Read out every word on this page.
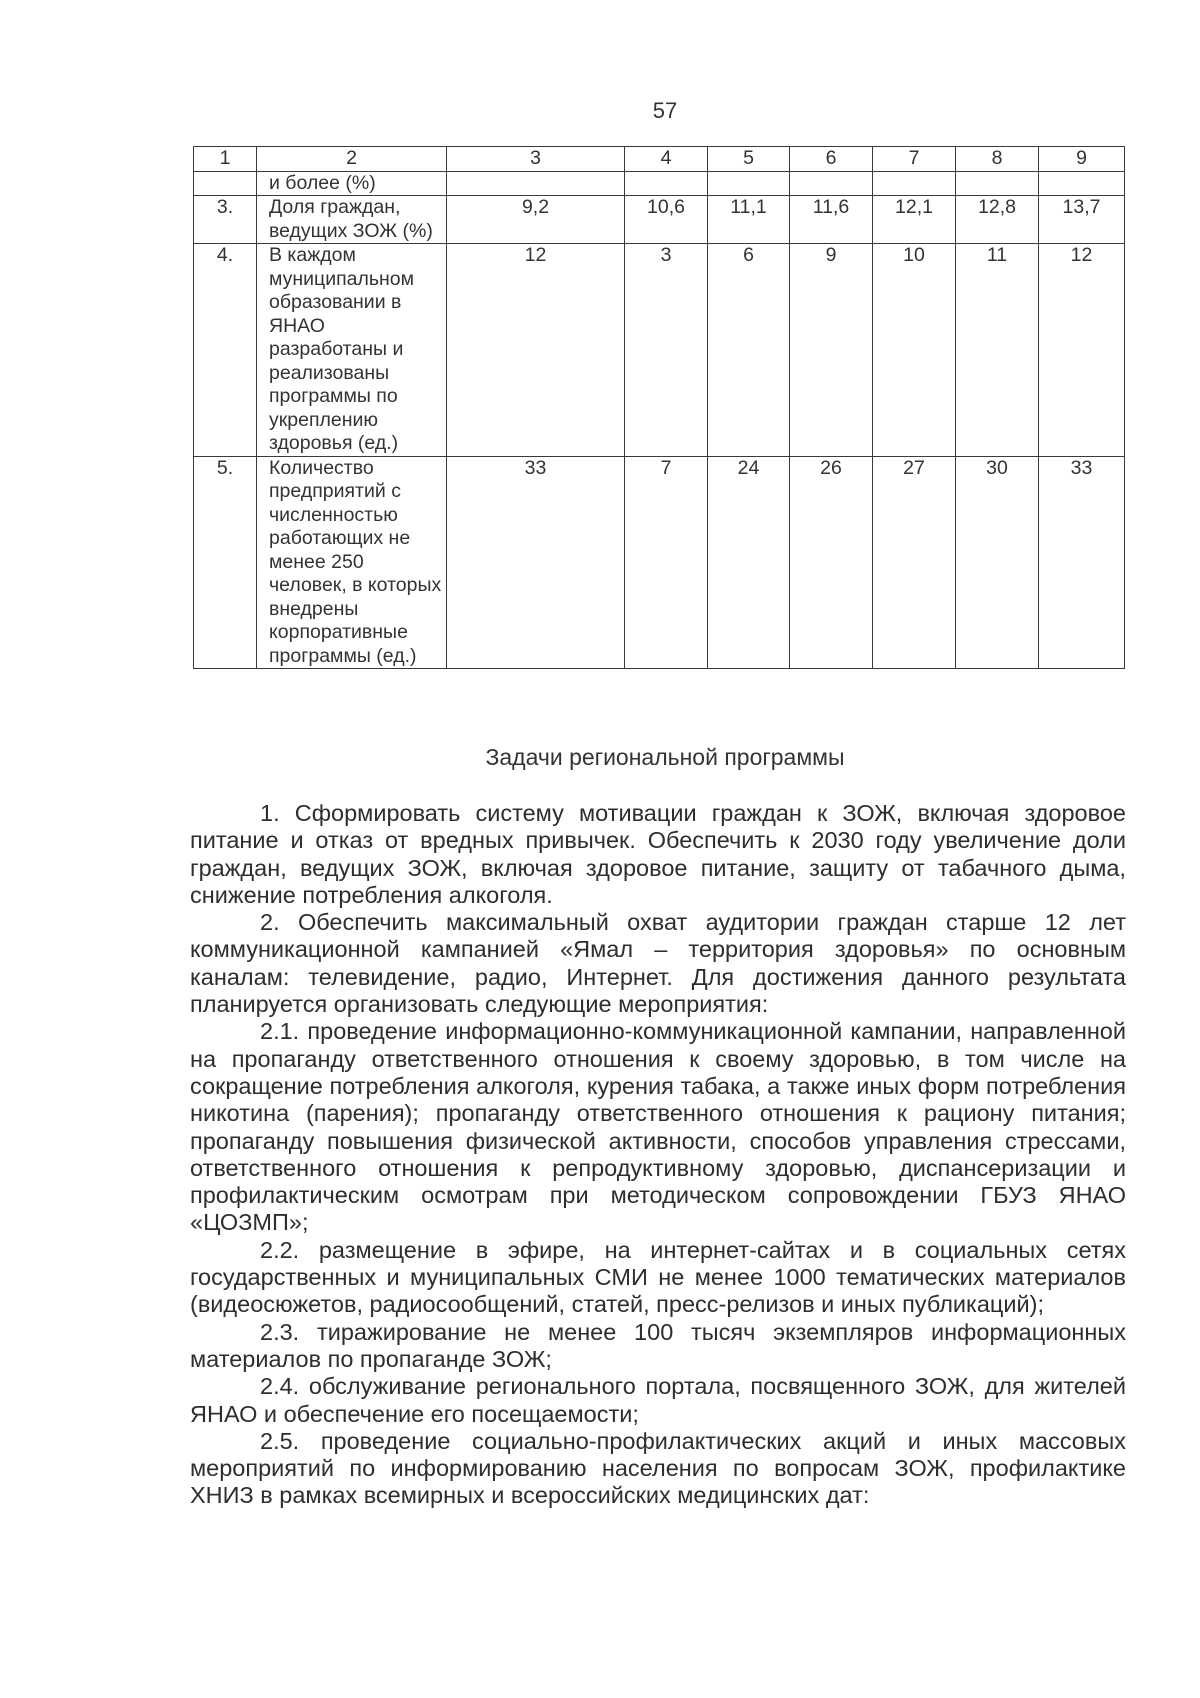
57
1	2	3	4	5	6	7	8	9
	и более (%)							
3.	Доля граждан, ведущих ЗОЖ (%)	9,2	10,6	11,1	11,6	12,1	12,8	13,7
4.	В каждом муниципальном образовании в ЯНАО разработаны и реализованы программы по укреплению здоровья (ед.)	12	3	6	9	10	11	12
5.	Количество предприятий с численностью работающих не менее 250 человек, в которых внедрены корпоративные программы (ед.)	33	7	24	26	27	30	33
Задачи региональной программы

1. Сформировать систему мотивации граждан к ЗОЖ, включая здоровое питание и отказ от вредных привычек. Обеспечить к 2030 году увеличение доли граждан, ведущих ЗОЖ, включая здоровое питание, защиту от табачного дыма, снижение потребления алкоголя.

2. Обеспечить максимальный охват аудитории граждан старше 12 лет коммуникационной кампанией «Ямал – территория здоровья» по основным каналам: телевидение, радио, Интернет. Для достижения данного результата планируется организовать следующие мероприятия:

2.1. проведение информационно-коммуникационной кампании, направленной на пропаганду ответственного отношения к своему здоровью, в том числе на сокращение потребления алкоголя, курения табака, а также иных форм потребления никотина (парения); пропаганду ответственного отношения к рациону питания; пропаганду повышения физической активности, способов управления стрессами, ответственного отношения к репродуктивному здоровью, диспансеризации и профилактическим осмотрам при методическом сопровождении ГБУЗ ЯНАО «ЦОЗМП»;

2.2. размещение в эфире, на интернет-сайтах и в социальных сетях государственных и муниципальных СМИ не менее 1000 тематических материалов (видеосюжетов, радиосообщений, статей, пресс-релизов и иных публикаций);

2.3. тиражирование не менее 100 тысяч экземпляров информационных материалов по пропаганде ЗОЖ;

2.4. обслуживание регионального портала, посвященного ЗОЖ, для жителей ЯНАО и обеспечение его посещаемости;

2.5. проведение социально-профилактических акций и иных массовых мероприятий по информированию населения по вопросам ЗОЖ, профилактике ХНИЗ в рамках всемирных и всероссийских медицинских дат:
